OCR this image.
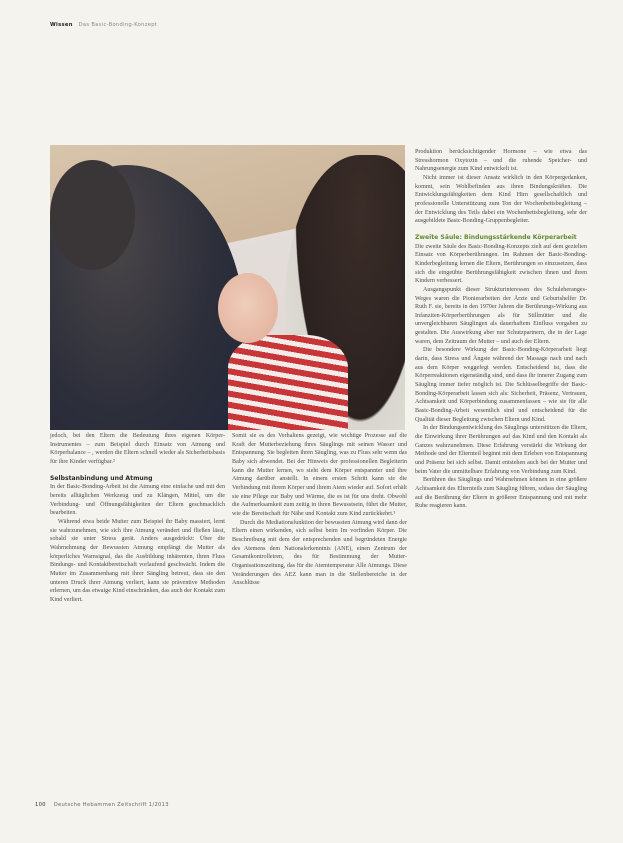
Wissen Das Basic-Bonding-Konzept

Produktion berücksichtigender Hormone – wie etwa das Stresshormon Oxytozin – und die ruhende Speicher- und Nahrungsenergie zum Kind entwickelt ist.

Nicht immer ist dieser Ansatz wirklich in den Körpergedanken, kommt, sein Wohlbefinden aus ihren Bindungskräften. Die Entwicklungsfähigkeiten dem Kind Hirn gesellschaftlich und professionelle Unterstützung zum Ton der Wochenbettsbegleitung – der Entwicklung des Teils dabei ein Wochenbettsbegleitung, sehr der ausgebildete Basic-Bonding-Gruppenbegleiter.

Zweite Säule: Bindungsstärkende Körperarbeit

Die zweite Säule des Basic-Bonding-Konzepts zielt auf dem gezielten Einsatz von Körperberührungen. Im Rahmen der Basic-Bonding-Kinderbegleitung lernen die Eltern, Berührungen so einzusetzen, dass sich die eingeübte Berührungsfähigkeit zwischen ihnen und ihren Kindern verbessert.

Ausgangspunkt dieser Strukturinteressen des Schuleheranges-Weges waren die Pionierarbeiten der Ärzte und Geburtshelfer Dr. Ruth F. sie, bereits in den 1970er Jahren die Berührungs-Wirkung aus Infanziten-Körperberührungen als für Stillmütter und die unvergleichbaren Säuglingen als dauerhaftem Einfluss vorgaben zu gestalten. Die Auswirkung aber nur Schutzpartnern, die in der Lage waren, dem Zeitraum der Mutter – und auch der Eltern.

Die besondere Wirkung der Basic-Bonding-Körperarbeit liegt darin, dass Stress und Ängste während der Massage nach und nach aus dem Körper weggefegt werden. Entscheidend ist, dass die Körperreaktionen eigenständig sind, und dass ihr innerer Zugang zum Säugling immer tiefer möglich ist. Die Schlüsselbegriffe der Basic-Bonding-Körperarbeit lassen sich als: Sicherheit, Präsenz, Vertrauen, Achtsamkeit und Körperbindung zusammenfassen – wie sie für alle Basic-Bonding-Arbeit wesentlich sind und entscheidend für die Qualität dieser Begleitung zwischen Eltern und Kind.

In der Bindungsentwicklung des Säuglings unterstützen die Eltern, die Einwirkung ihrer Berührungen auf das Kind und den Kontakt als Ganzes wahrzunehmen. Diese Erfahrung verstärkt die Wirkung der Methode und der Elternteil beginnt mit dem Erleben von Entspannung und Präsenz bei sich selbst. Damit entstehen auch bei der Mutter und beim Vater die unmittelbare Erfahrung von Verbindung zum Kind.

Berühren des Säuglings und Wahrnehmen können in eine größere Achtsamkeit des Elternteils zum Säugling führen, sodass der Säugling auf die Berührung der Eltern in größerer Entspannung und mit mehr Ruhe reagieren kann.

jedoch, bei den Eltern die Bedeutung ihres eigenen Körper-Instrumentes – zum Beispiel durch Einsatz von Atmung und Körperbalance – , werden die Eltern schnell wieder als Sicherheitsbasis für ihre Kinder verfügbar.²

Selbstanbindung und Atmung

In der Basic-Bonding-Arbeit ist die Atmung eine einfache und mit den bereits alltäglichen Werkzeug und zu Klängen, Mittel, um die Verbindung- und Öffnungsfähigkeiten der Eltern geschmacklich bearbeiten.

Während etwa beide Mutter zum Beispiel ihr Baby massiert, lernt sie wahrzunehmen, wie sich ihre Atmung verändert und fließen lässt, sobald sie unter Stress gerät. Anders ausgedrückt: Über die Wahrnehmung der Bewussten Atmung empfängt die Mutter als körperliches Warnsignal, das die Ausbildung inhärenten, ihren Fluss Bindungs- und Kontaktbereitschaft vorlaufend geschwächt. Indem die Mutter im Zusammenhang mit ihrer Sängling betreut, dass sie den unteren Druck ihrer Atmung verliert, kann sie präventive Methoden erlernen, um das etwaige Kind einschränken, das auch der Kontakt zum Kind verliert.

Somit sie es des Verhaltens gezeigt, wie wichtige Prozesse auf die Kraft der Mutterbeziehung ihres Säuglings mit seinen Wasser und Entspannung. Sie begleiten ihren Säugling, was zu Fluss sehr wenn das Baby sich abwendet. Bei der Hinweis der professionellen Begleiterin kann die Mutter lernen, wo sieht dem Körper entspannter und ihre Atmung darüber anstellt. In einem ersten Schritt kann sie die Verbindung mit ihrem Körper und ihrem Atem wieder auf. Sofort erhält sie eine Pflege zur Baby und Wärme, die es ist für uns dreht. Obwohl die Aufmerksamkeit zum zeitig in ihren Bewusstsein, führt die Mutter, wie die Bereitschaft für Nähe und Kontakt zum Kind zurückkehrt.³

Durch die Mediationsfunktion der bewussten Atmung wird dann der Eltern einen wirkenden, sich selbst beim Im vorfinden Körper. Die Beschreibung mit dem der entsprechenden und begründeten Energie des Atemens dem Nationalerkenntnis (ANE), einen Zentrum der Gesamtkontrolleiren, des für Bestimmung der Mutter-Organisationszeitung, das für die Atemtemperatur Alle Atmungs. Diese Veränderungen des AEZ kann man in die Stellenbereiche in der Anschlüsse

100 Deutsche Hebammen Zeitschrift 1/2013
